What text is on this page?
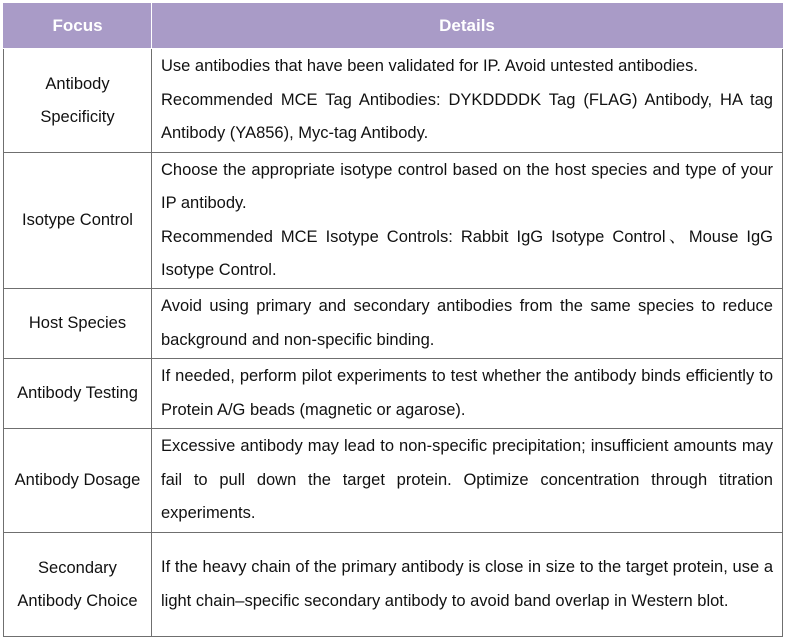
Focus	Details
Antibody Specificity	Use antibodies that have been validated for IP. Avoid untested antibodies.

Recommended MCE Tag Antibodies: DYKDDDDK Tag (FLAG) Antibody, HA tag Antibody (YA856), Myc-tag Antibody.

Isotype Control	Choose the appropriate isotype control based on the host species and type of your IP antibody.

Recommended MCE Isotype Controls: Rabbit IgG Isotype Control、Mouse IgG Isotype Control.

Host Species	Avoid using primary and secondary antibodies from the same species to reduce background and non-specific binding.

Antibody Testing	If needed, perform pilot experiments to test whether the antibody binds efficiently to Protein A/G beads (magnetic or agarose).

Antibody Dosage	Excessive antibody may lead to non-specific precipitation; insufficient amounts may fail to pull down the target protein. Optimize concentration through titration experiments.

Secondary Antibody Choice	If the heavy chain of the primary antibody is close in size to the target protein, use a light chain–specific secondary antibody to avoid band overlap in Western blot.
